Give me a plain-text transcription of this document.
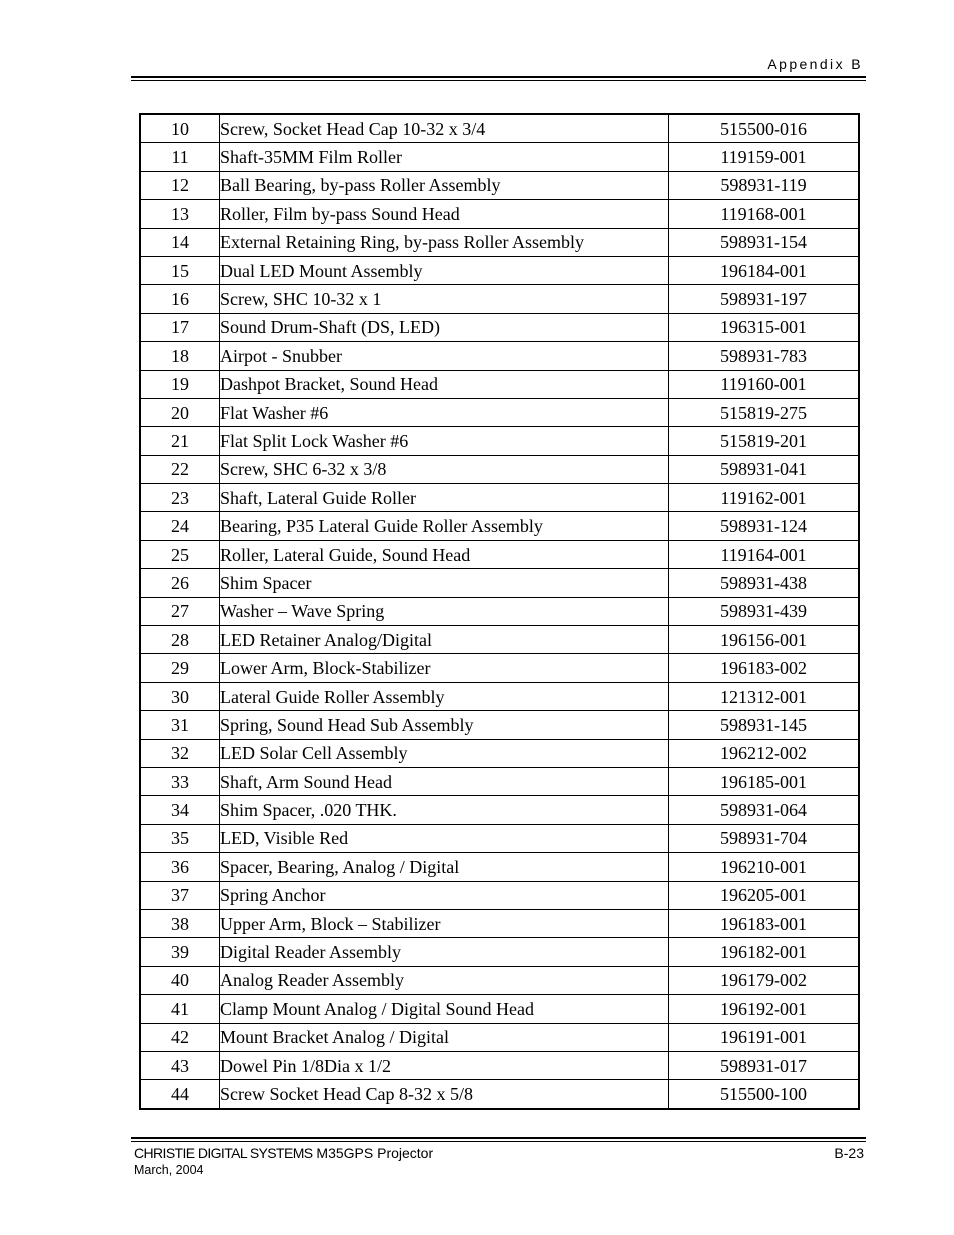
Appendix B
10	Screw, Socket Head Cap 10-32 x 3/4	515500-016
11	Shaft-35MM Film Roller	119159-001
12	Ball Bearing, by-pass Roller Assembly	598931-119
13	Roller, Film by-pass Sound Head	119168-001
14	External Retaining Ring, by-pass Roller Assembly	598931-154
15	Dual LED Mount Assembly	196184-001
16	Screw, SHC 10-32 x 1	598931-197
17	Sound Drum-Shaft (DS, LED)	196315-001
18	Airpot - Snubber	598931-783
19	Dashpot Bracket, Sound Head	119160-001
20	Flat Washer #6	515819-275
21	Flat Split Lock Washer #6	515819-201
22	Screw, SHC 6-32 x 3/8	598931-041
23	Shaft, Lateral Guide Roller	119162-001
24	Bearing, P35 Lateral Guide Roller Assembly	598931-124
25	Roller, Lateral Guide, Sound Head	119164-001
26	Shim Spacer	598931-438
27	Washer – Wave Spring	598931-439
28	LED Retainer Analog/Digital	196156-001
29	Lower Arm, Block-Stabilizer	196183-002
30	Lateral Guide Roller Assembly	121312-001
31	Spring, Sound Head Sub Assembly	598931-145
32	LED Solar Cell Assembly	196212-002
33	Shaft, Arm Sound Head	196185-001
34	Shim Spacer, .020 THK.	598931-064
35	LED, Visible Red	598931-704
36	Spacer, Bearing, Analog / Digital	196210-001
37	Spring Anchor	196205-001
38	Upper Arm, Block – Stabilizer	196183-001
39	Digital Reader Assembly	196182-001
40	Analog Reader Assembly	196179-002
41	Clamp Mount Analog / Digital Sound Head	196192-001
42	Mount Bracket Analog / Digital	196191-001
43	Dowel Pin 1/8Dia x 1/2	598931-017
44	Screw Socket Head Cap 8-32 x 5/8	515500-100
CHRISTIE DIGITAL SYSTEMS M35GPS Projector
March, 2004
B-23
